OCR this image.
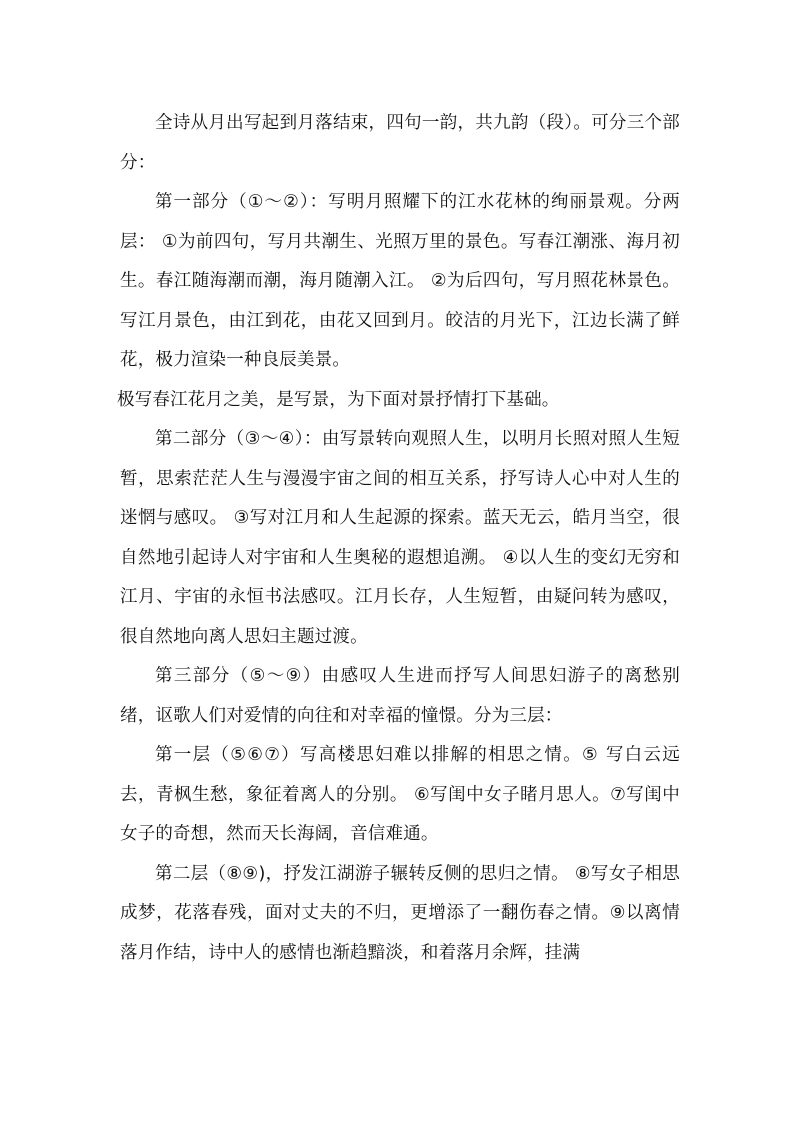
全诗从月出写起到月落结束，四句一韵，共九韵（段）。可分三个部分：

第一部分（①～②）：写明月照耀下的江水花林的绚丽景观。分两层： ①为前四句，写月共潮生、光照万里的景色。写春江潮涨、海月初生。春江随海潮而潮，海月随潮入江。 ②为后四句，写月照花林景色。写江月景色，由江到花，由花又回到月。皎洁的月光下，江边长满了鲜花，极力渲染一种良辰美景。

极写春江花月之美，是写景，为下面对景抒情打下基础。

第二部分（③～④）：由写景转向观照人生，以明月长照对照人生短暂，思索茫茫人生与漫漫宇宙之间的相互关系，抒写诗人心中对人生的迷惘与感叹。 ③写对江月和人生起源的探索。蓝天无云，皓月当空，很自然地引起诗人对宇宙和人生奥秘的遐想追溯。 ④以人生的变幻无穷和江月、宇宙的永恒书法感叹。江月长存，人生短暂，由疑问转为感叹，很自然地向离人思妇主题过渡。

第三部分（⑤～⑨）由感叹人生进而抒写人间思妇游子的离愁别绪，讴歌人们对爱情的向往和对幸福的憧憬。分为三层：

第一层（⑤⑥⑦）写高楼思妇难以排解的相思之情。⑤ 写白云远去，青枫生愁，象征着离人的分别。 ⑥写闺中女子睹月思人。⑦写闺中女子的奇想，然而天长海阔，音信难通。

第二层（⑧⑨)，抒发江湖游子辗转反侧的思归之情。 ⑧写女子相思成梦，花落春残，面对丈夫的不归，更增添了一翻伤春之情。⑨以离情落月作结，诗中人的感情也渐趋黯淡，和着落月余辉，挂满
